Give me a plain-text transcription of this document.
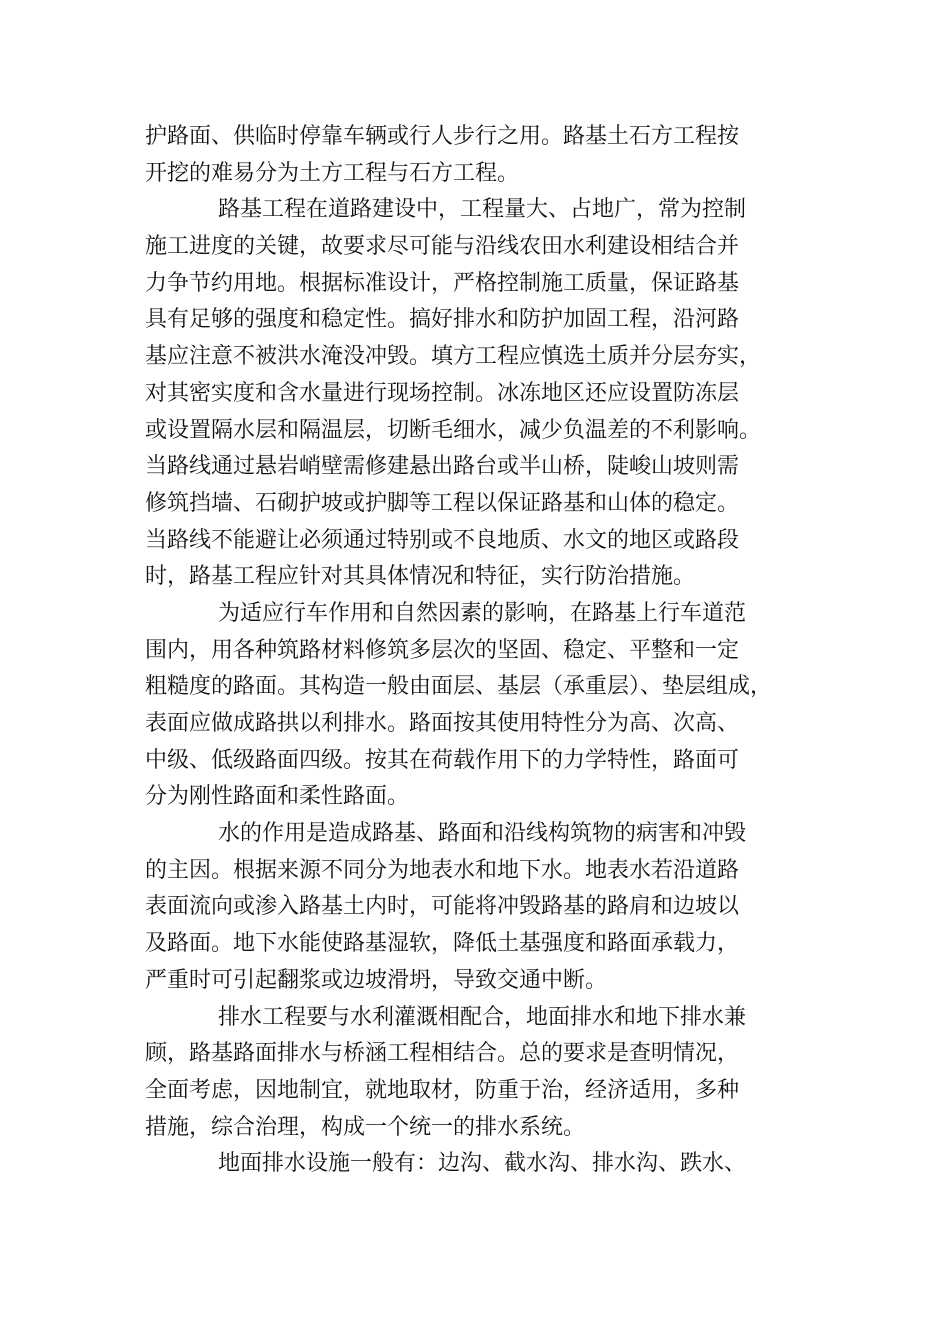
护路面、供临时停靠车辆或行人步行之用。路基土石方工程按
开挖的难易分为土方工程与石方工程。
路基工程在道路建设中，工程量大、占地广，常为控制
施工进度的关键，故要求尽可能与沿线农田水利建设相结合并
力争节约用地。根据标准设计，严格控制施工质量，保证路基
具有足够的强度和稳定性。搞好排水和防护加固工程，沿河路
基应注意不被洪水淹没冲毁。填方工程应慎选土质并分层夯实，
对其密实度和含水量进行现场控制。冰冻地区还应设置防冻层
或设置隔水层和隔温层，切断毛细水，减少负温差的不利影响。
当路线通过悬岩峭壁需修建悬出路台或半山桥，陡峻山坡则需
修筑挡墙、石砌护坡或护脚等工程以保证路基和山体的稳定。
当路线不能避让必须通过特别或不良地质、水文的地区或路段
时，路基工程应针对其具体情况和特征，实行防治措施。
为适应行车作用和自然因素的影响，在路基上行车道范
围内，用各种筑路材料修筑多层次的坚固、稳定、平整和一定
粗糙度的路面。其构造一般由面层、基层（承重层）、垫层组成，
表面应做成路拱以利排水。路面按其使用特性分为高、次高、
中级、低级路面四级。按其在荷载作用下的力学特性，路面可
分为刚性路面和柔性路面。
水的作用是造成路基、路面和沿线构筑物的病害和冲毁
的主因。根据来源不同分为地表水和地下水。地表水若沿道路
表面流向或渗入路基土内时，可能将冲毁路基的路肩和边坡以
及路面。地下水能使路基湿软，降低土基强度和路面承载力，
严重时可引起翻浆或边坡滑坍，导致交通中断。
排水工程要与水利灌溉相配合，地面排水和地下排水兼
顾，路基路面排水与桥涵工程相结合。总的要求是查明情况，
全面考虑，因地制宜，就地取材，防重于治，经济适用，多种
措施，综合治理，构成一个统一的排水系统。
地面排水设施一般有：边沟、截水沟、排水沟、跌水、
